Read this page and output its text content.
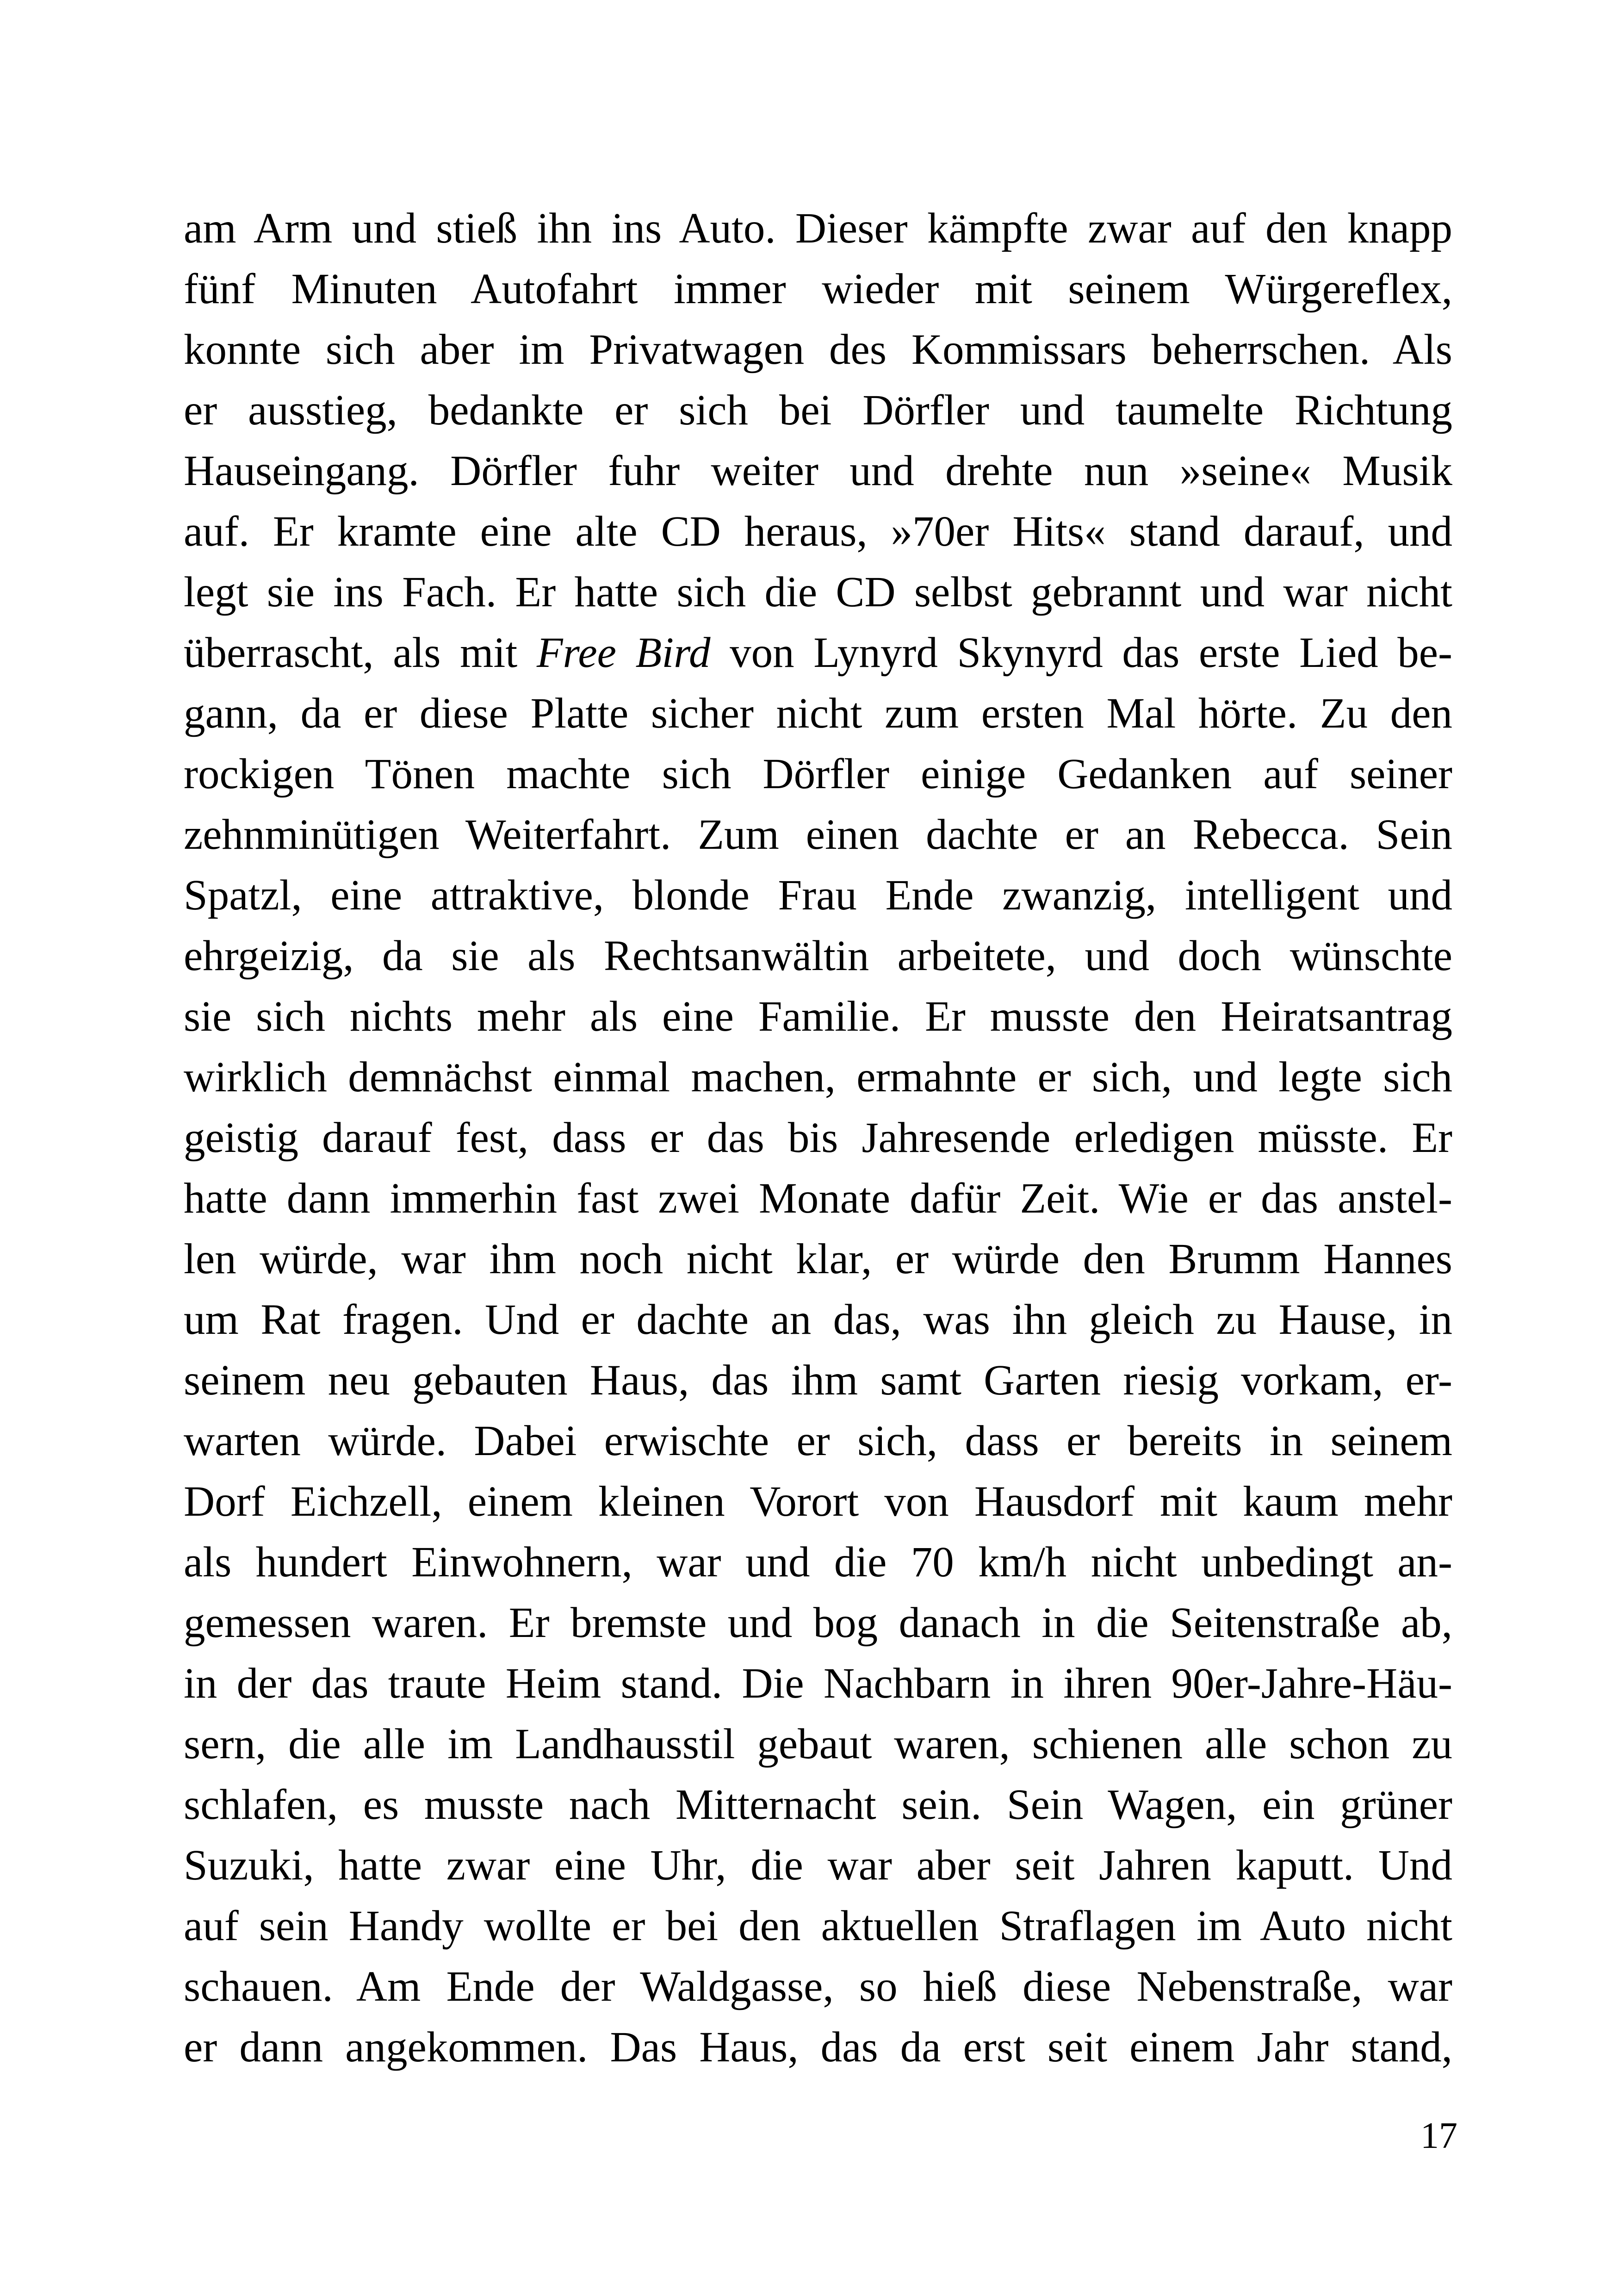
am Arm und stieß ihn ins Auto. Dieser kämpfte zwar auf den knapp
fünf Minuten Autofahrt immer wieder mit seinem Würgereflex,
konnte sich aber im Privatwagen des Kommissars beherrschen. Als
er ausstieg, bedankte er sich bei Dörfler und taumelte Richtung
Hauseingang. Dörfler fuhr weiter und drehte nun »seine« Musik
auf. Er kramte eine alte CD heraus, »70er Hits« stand darauf, und
legt sie ins Fach. Er hatte sich die CD selbst gebrannt und war nicht
überrascht, als mit Free Bird von Lynyrd Skynyrd das erste Lied be-
gann, da er diese Platte sicher nicht zum ersten Mal hörte. Zu den
rockigen Tönen machte sich Dörfler einige Gedanken auf seiner
zehnminütigen Weiterfahrt. Zum einen dachte er an Rebecca. Sein
Spatzl, eine attraktive, blonde Frau Ende zwanzig, intelligent und
ehrgeizig, da sie als Rechtsanwältin arbeitete, und doch wünschte
sie sich nichts mehr als eine Familie. Er musste den Heiratsantrag
wirklich demnächst einmal machen, ermahnte er sich, und legte sich
geistig darauf fest, dass er das bis Jahresende erledigen müsste. Er
hatte dann immerhin fast zwei Monate dafür Zeit. Wie er das anstel-
len würde, war ihm noch nicht klar, er würde den Brumm Hannes
um Rat fragen. Und er dachte an das, was ihn gleich zu Hause, in
seinem neu gebauten Haus, das ihm samt Garten riesig vorkam, er-
warten würde. Dabei erwischte er sich, dass er bereits in seinem
Dorf Eichzell, einem kleinen Vorort von Hausdorf mit kaum mehr
als hundert Einwohnern, war und die 70 km/h nicht unbedingt an-
gemessen waren. Er bremste und bog danach in die Seitenstraße ab,
in der das traute Heim stand. Die Nachbarn in ihren 90er-Jahre-Häu-
sern, die alle im Landhausstil gebaut waren, schienen alle schon zu
schlafen, es musste nach Mitternacht sein. Sein Wagen, ein grüner
Suzuki, hatte zwar eine Uhr, die war aber seit Jahren kaputt. Und
auf sein Handy wollte er bei den aktuellen Straflagen im Auto nicht
schauen. Am Ende der Waldgasse, so hieß diese Nebenstraße, war
er dann angekommen. Das Haus, das da erst seit einem Jahr stand,
17
